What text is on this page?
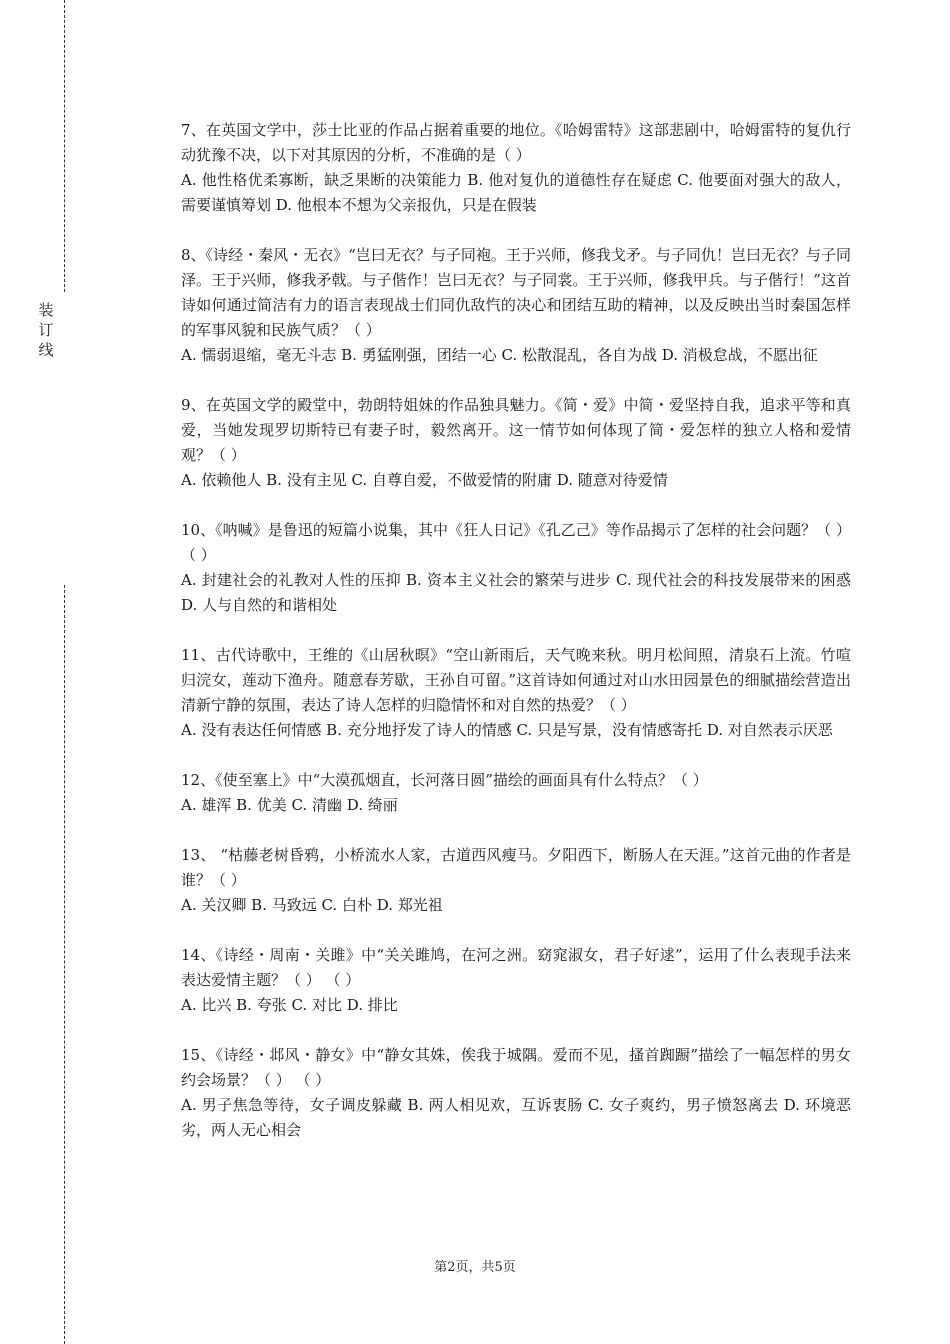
装
订
线

7、在英国文学中，莎士比亚的作品占据着重要的地位。《哈姆雷特》这部悲剧中，哈姆雷特的复仇行动犹豫不决，以下对其原因的分析，不准确的是（ ）

A. 他性格优柔寡断，缺乏果断的决策能力 B. 他对复仇的道德性存在疑虑 C. 他要面对强大的敌人，需要谨慎筹划 D. 他根本不想为父亲报仇，只是在假装

8、《诗经・秦风・无衣》“岂曰无衣？与子同袍。王于兴师，修我戈矛。与子同仇！岂曰无衣？与子同泽。王于兴师，修我矛戟。与子偕作！岂曰无衣？与子同裳。王于兴师，修我甲兵。与子偕行！”这首诗如何通过简洁有力的语言表现战士们同仇敌忾的决心和团结互助的精神，以及反映出当时秦国怎样的军事风貌和民族气质？（ ）

A. 懦弱退缩，毫无斗志 B. 勇猛刚强，团结一心 C. 松散混乱，各自为战 D. 消极怠战，不愿出征

9、在英国文学的殿堂中，勃朗特姐妹的作品独具魅力。《简・爱》中简・爱坚持自我，追求平等和真爱，当她发现罗切斯特已有妻子时，毅然离开。这一情节如何体现了简・爱怎样的独立人格和爱情观？（ ）

A. 依赖他人 B. 没有主见 C. 自尊自爱，不做爱情的附庸 D. 随意对待爱情

10、《呐喊》是鲁迅的短篇小说集，其中《狂人日记》《孔乙己》等作品揭示了怎样的社会问题？（ ） （ ）

A. 封建社会的礼教对人性的压抑 B. 资本主义社会的繁荣与进步 C. 现代社会的科技发展带来的困惑 D. 人与自然的和谐相处

11、古代诗歌中，王维的《山居秋暝》“空山新雨后，天气晚来秋。明月松间照，清泉石上流。竹喧归浣女，莲动下渔舟。随意春芳歇，王孙自可留。”这首诗如何通过对山水田园景色的细腻描绘营造出清新宁静的氛围，表达了诗人怎样的归隐情怀和对自然的热爱？（ ）

A. 没有表达任何情感 B. 充分地抒发了诗人的情感 C. 只是写景，没有情感寄托 D. 对自然表示厌恶

12、《使至塞上》中“大漠孤烟直，长河落日圆”描绘的画面具有什么特点？（ ）

A. 雄浑 B. 优美 C. 清幽 D. 绮丽

13、 “枯藤老树昏鸦，小桥流水人家，古道西风瘦马。夕阳西下，断肠人在天涯。”这首元曲的作者是谁？（ ）

A. 关汉卿 B. 马致远 C. 白朴 D. 郑光祖

14、《诗经・周南・关雎》中“关关雎鸠，在河之洲。窈窕淑女，君子好逑”，运用了什么表现手法来表达爱情主题？（ ） （ ）

A. 比兴 B. 夸张 C. 对比 D. 排比

15、《诗经・邶风・静女》中“静女其姝，俟我于城隅。爱而不见，搔首踟蹰”描绘了一幅怎样的男女约会场景？（ ） （ ）

A. 男子焦急等待，女子调皮躲藏 B. 两人相见欢，互诉衷肠 C. 女子爽约，男子愤怒离去 D. 环境恶劣，两人无心相会

第2页，共5页
